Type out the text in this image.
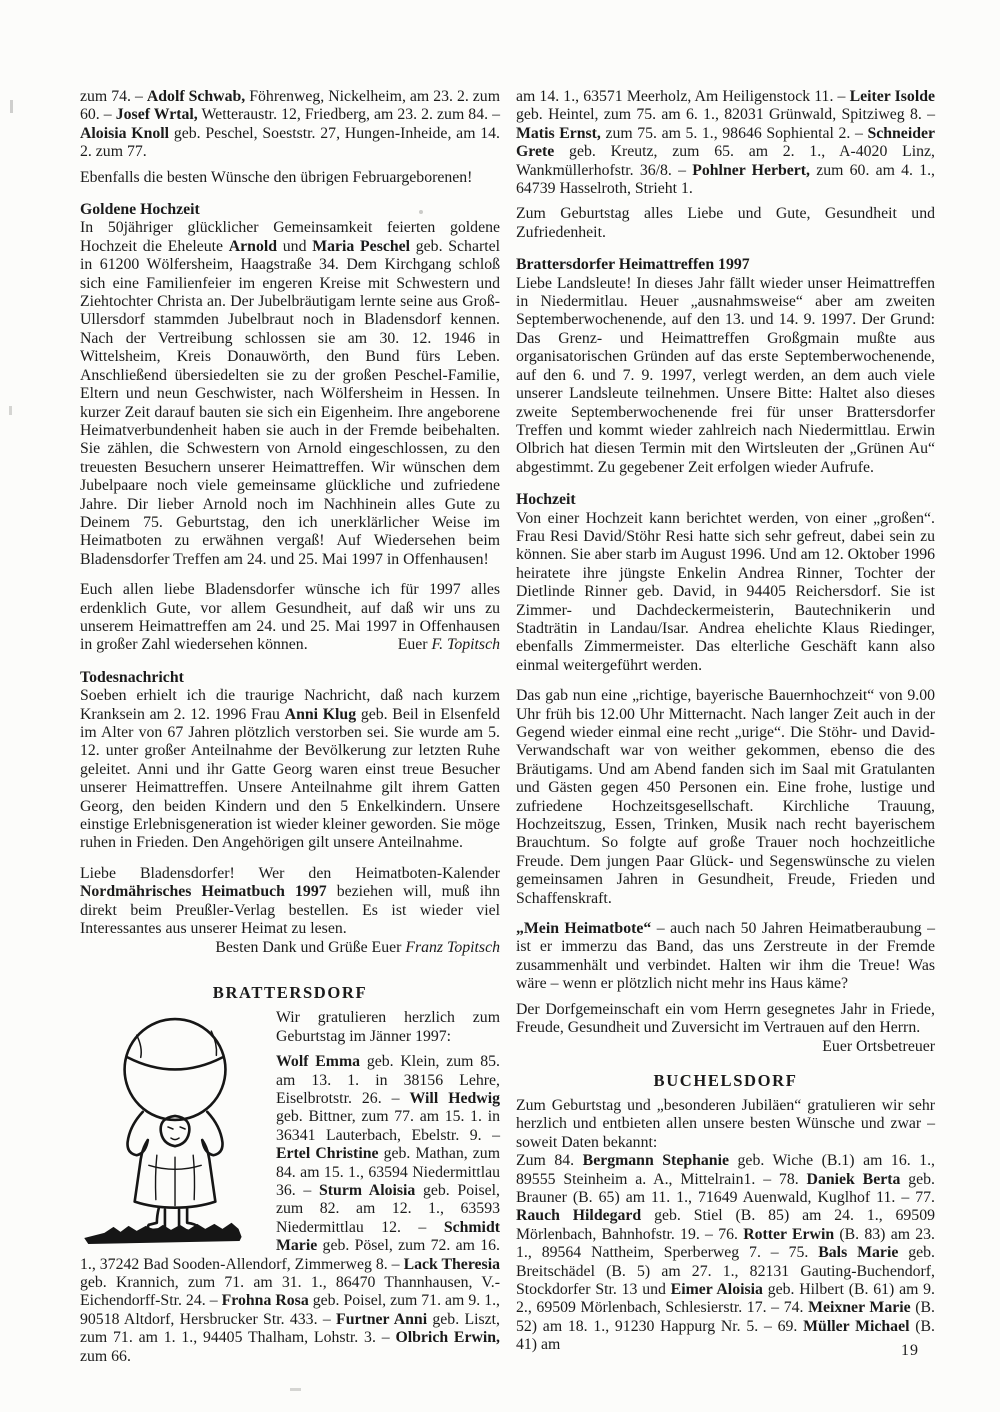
zum 74. – Adolf Schwab, Föhrenweg, Nickelheim, am 23. 2. zum 60. – Josef Wrtal, Wetteraustr. 12, Friedberg, am 23. 2. zum 84. – Aloisia Knoll geb. Peschel, Soeststr. 27, Hungen-Inheide, am 14. 2. zum 77.

Ebenfalls die besten Wünsche den übrigen Februargeborenen!

Goldene Hochzeit

In 50jähriger glücklicher Gemeinsamkeit feierten goldene Hochzeit die Eheleute Arnold und Maria Peschel geb. Schartel in 61200 Wölfersheim, Haagstraße 34. Dem Kirchgang schloß sich eine Familienfeier im engeren Kreise mit Schwestern und Ziehtochter Christa an. Der Jubelbräutigam lernte seine aus Groß-Ullersdorf stammden Jubelbraut noch in Bladensdorf kennen. Nach der Vertreibung schlossen sie am 30. 12. 1946 in Wittelsheim, Kreis Donauwörth, den Bund fürs Leben. Anschließend übersiedelten sie zu der großen Peschel-Familie, Eltern und neun Geschwister, nach Wölfersheim in Hessen. In kurzer Zeit darauf bauten sie sich ein Eigenheim. Ihre angeborene Heimatverbundenheit haben sie auch in der Fremde beibehalten. Sie zählen, die Schwestern von Arnold eingeschlossen, zu den treuesten Besuchern unserer Heimattreffen. Wir wünschen dem Jubelpaare noch viele gemeinsame glückliche und zufriedene Jahre. Dir lieber Arnold noch im Nachhinein alles Gute zu Deinem 75. Geburtstag, den ich unerklärlicher Weise im Heimatboten zu erwähnen vergaß! Auf Wiedersehen beim Bladensdorfer Treffen am 24. und 25. Mai 1997 in Offenhausen!

Euch allen liebe Bladensdorfer wünsche ich für 1997 alles erdenklich Gute, vor allem Gesundheit, auf daß wir uns zu unserem Heimattreffen am 24. und 25. Mai 1997 in Offenhausen in großer Zahl wiedersehen können.	Euer F. Topitsch

Todesnachricht

Soeben erhielt ich die traurige Nachricht, daß nach kurzem Kranksein am 2. 12. 1996 Frau Anni Klug geb. Beil in Elsenfeld im Alter von 67 Jahren plötzlich verstorben sei. Sie wurde am 5. 12. unter großer Anteilnahme der Bevölkerung zur letzten Ruhe geleitet. Anni und ihr Gatte Georg waren einst treue Besucher unserer Heimattreffen. Unsere Anteilnahme gilt ihrem Gatten Georg, den beiden Kindern und den 5 Enkelkindern. Unsere einstige Erlebnisgeneration ist wieder kleiner geworden. Sie möge ruhen in Frieden. Den Angehörigen gilt unsere Anteilnahme.

Liebe Bladensdorfer! Wer den Heimatboten-Kalender Nordmährisches Heimatbuch 1997 beziehen will, muß ihn direkt beim Preußler-Verlag bestellen. Es ist wieder viel Interessantes aus unserer Heimat zu lesen.

Besten Dank und Grüße Euer Franz Topitsch

BRATTERSDORF

Wir gratulieren herzlich zum Geburtstag im Jänner 1997:

Wolf Emma geb. Klein, zum 85. am 13. 1. in 38156 Lehre, Eiselbrotstr. 26. – Will Hedwig geb. Bittner, zum 77. am 15. 1. in 36341 Lauterbach, Ebelstr. 9. – Ertel Christine geb. Mathan, zum 84. am 15. 1., 63594 Niedermittlau 36. – Sturm Aloisia geb. Poisel, zum 82. am 12. 1., 63593 Niedermittlau 12. – Schmidt Marie geb. Pösel, zum 72. am 16. 1., 37242 Bad Sooden-Allendorf, Zimmerweg 8. – Lack Theresia geb. Krannich, zum 71. am 31. 1., 86470 Thannhausen, V.-Eichendorff-Str. 24. – Frohna Rosa geb. Poisel, zum 71. am 9. 1., 90518 Altdorf, Hersbrucker Str. 433. – Furtner Anni geb. Liszt, zum 71. am 1. 1., 94405 Thalham, Lohstr. 3. – Olbrich Erwin, zum 66.

am 14. 1., 63571 Meerholz, Am Heiligenstock 11. – Leiter Isolde geb. Heintel, zum 75. am 6. 1., 82031 Grünwald, Spitziweg 8. – Matis Ernst, zum 75. am 5. 1., 98646 Sophiental 2. – Schneider Grete geb. Kreutz, zum 65. am 2. 1., A-4020 Linz, Wankmüllerhofstr. 36/8. – Pohlner Herbert, zum 60. am 4. 1., 64739 Hasselroth, Strieht 1.

Zum Geburtstag alles Liebe und Gute, Gesundheit und Zufriedenheit.

Brattersdorfer Heimattreffen 1997

Liebe Landsleute! In dieses Jahr fällt wieder unser Heimattreffen in Niedermitlau. Heuer „ausnahmsweise“ aber am zweiten Septemberwochenende, auf den 13. und 14. 9. 1997. Der Grund: Das Grenz- und Heimattreffen Großgmain mußte aus organisatorischen Gründen auf das erste Septemberwochenende, auf den 6. und 7. 9. 1997, verlegt werden, an dem auch viele unserer Landsleute teilnehmen. Unsere Bitte: Haltet also dieses zweite Septemberwochenende frei für unser Brattersdorfer Treffen und kommt wieder zahlreich nach Niedermittlau. Erwin Olbrich hat diesen Termin mit den Wirtsleuten der „Grünen Au“ abgestimmt. Zu gegebener Zeit erfolgen wieder Aufrufe.

Hochzeit

Von einer Hochzeit kann berichtet werden, von einer „großen“. Frau Resi David/Stöhr Resi hatte sich sehr gefreut, dabei sein zu können. Sie aber starb im August 1996. Und am 12. Oktober 1996 heiratete ihre jüngste Enkelin Andrea Rinner, Tochter der Dietlinde Rinner geb. David, in 94405 Reichersdorf. Sie ist Zimmer- und Dachdeckermeisterin, Bautechnikerin und Stadträtin in Landau/Isar. Andrea ehelichte Klaus Riedinger, ebenfalls Zimmermeister. Das elterliche Geschäft kann also einmal weitergeführt werden.

Das gab nun eine „richtige, bayerische Bauernhochzeit“ von 9.00 Uhr früh bis 12.00 Uhr Mitternacht. Nach langer Zeit auch in der Gegend wieder einmal eine recht „urige“. Die Stöhr- und David-Verwandschaft war von weither gekommen, ebenso die des Bräutigams. Und am Abend fanden sich im Saal mit Gratulanten und Gästen gegen 450 Personen ein. Eine frohe, lustige und zufriedene Hochzeitsgesellschaft. Kirchliche Trauung, Hochzeitszug, Essen, Trinken, Musik nach recht bayerischem Brauchtum. So folgte auf große Trauer noch hochzeitliche Freude. Dem jungen Paar Glück- und Segenswünsche zu vielen gemeinsamen Jahren in Gesundheit, Freude, Frieden und Schaffenskraft.

„Mein Heimatbote“ – auch nach 50 Jahren Heimatberaubung – ist er immerzu das Band, das uns Zerstreute in der Fremde zusammenhält und verbindet. Halten wir ihm die Treue! Was wäre – wenn er plötzlich nicht mehr ins Haus käme?

Der Dorfgemeinschaft ein vom Herrn gesegnetes Jahr in Friede, Freude, Gesundheit und Zuversicht im Vertrauen auf den Herrn.
Euer Ortsbetreuer

BUCHELSDORF

Zum Geburtstag und „besonderen Jubiläen“ gratulieren wir sehr herzlich und entbieten allen unsere besten Wünsche und zwar – soweit Daten bekannt:

Zum 84. Bergmann Stephanie geb. Wiche (B.1) am 16. 1., 89555 Steinheim a. A., Mittelrain1. – 78. Daniek Berta geb. Brauner (B. 65) am 11. 1., 71649 Auenwald, Kuglhof 11. – 77. Rauch Hildegard geb. Stiel (B. 85) am 24. 1., 69509 Mörlenbach, Bahnhofstr. 19. – 76. Rotter Erwin (B. 83) am 23. 1., 89564 Nattheim, Sperberweg 7. – 75. Bals Marie geb. Breitschädel (B. 5) am 27. 1., 82131 Gauting-Buchendorf, Stockdorfer Str. 13 und Eimer Aloisia geb. Hilbert (B. 61) am 9. 2., 69509 Mörlenbach, Schlesierstr. 17. – 74. Meixner Marie (B. 52) am 18. 1., 91230 Happurg Nr. 5. – 69. Müller Michael (B. 41) am	19
